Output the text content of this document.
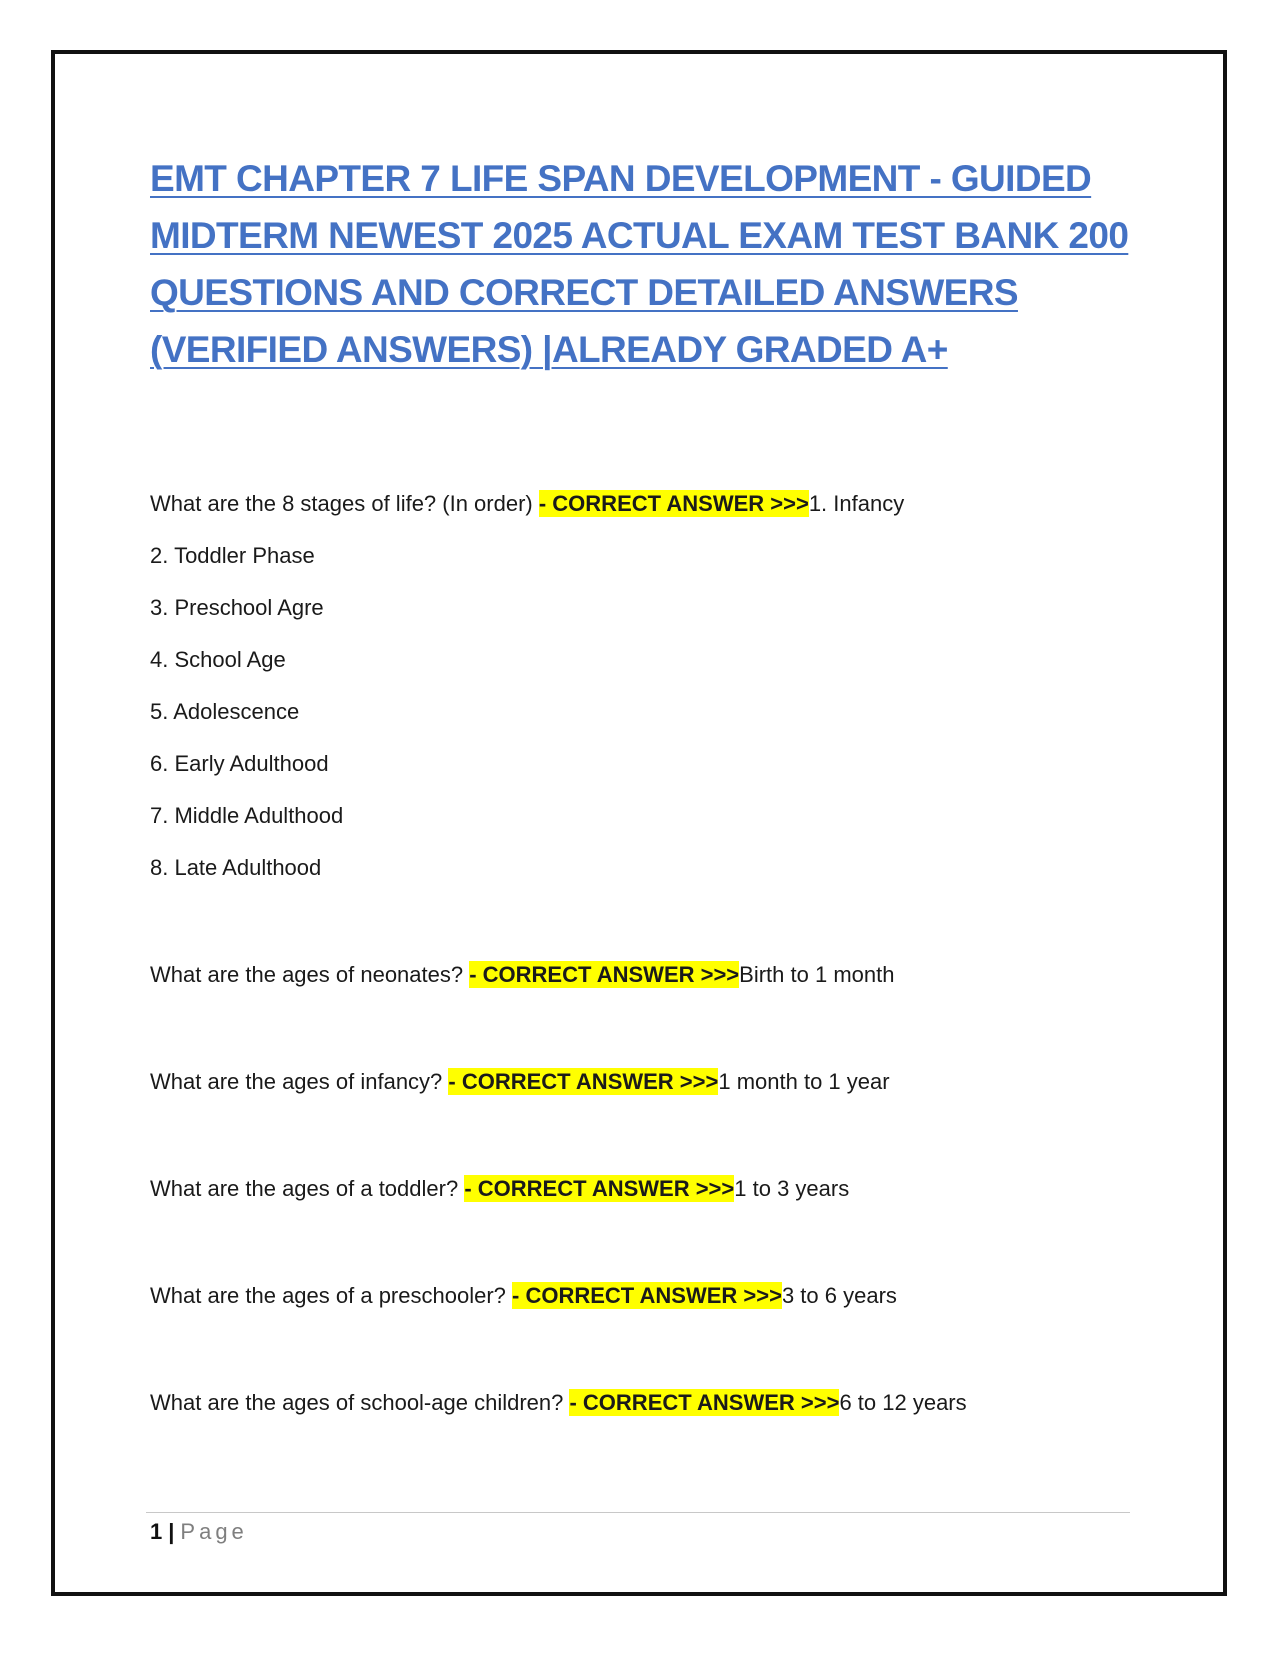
EMT CHAPTER 7 LIFE SPAN DEVELOPMENT - GUIDED MIDTERM NEWEST 2025 ACTUAL EXAM TEST BANK 200 QUESTIONS AND CORRECT DETAILED ANSWERS (VERIFIED ANSWERS) |ALREADY GRADED A+

What are the 8 stages of life? (In order) - CORRECT ANSWER >>>1. Infancy

2. Toddler Phase

3. Preschool Agre

4. School Age

5. Adolescence

6. Early Adulthood

7. Middle Adulthood

8. Late Adulthood

What are the ages of neonates? - CORRECT ANSWER >>>Birth to 1 month

What are the ages of infancy? - CORRECT ANSWER >>>1 month to 1 year

What are the ages of a toddler? - CORRECT ANSWER >>>1 to 3 years

What are the ages of a preschooler? - CORRECT ANSWER >>>3 to 6 years

What are the ages of school-age children? - CORRECT ANSWER >>>6 to 12 years

1 | Page
